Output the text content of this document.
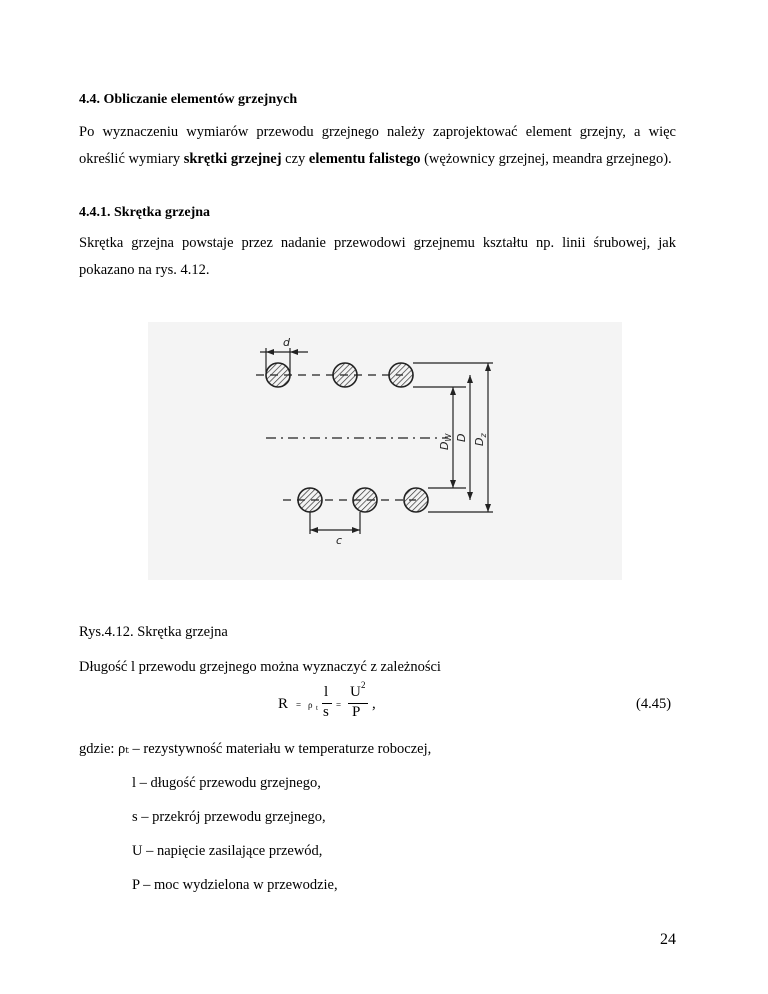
4.4. Obliczanie elementów grzejnych
Po wyznaczeniu wymiarów przewodu grzejnego należy zaprojektować element grzejny, a więc określić wymiary skrętki grzejnej czy elementu falistego (wężownicy grzejnej, meandra grzejnego).
4.4.1. Skrętka grzejna
Skrętka grzejna powstaje przez nadanie przewodowi grzejnemu kształtu np. linii śrubowej, jak pokazano na rys. 4.12.
d
c
$D_W$ D $D_z$
Rys.4.12. Skrętka grzejna
Długość l przewodu grzejnego można wyznaczyć z zależności
R = ρ t
l
s =
U 2
P ,	(4.45)
gdzie: ρₜ – rezystywność materiału w temperaturze roboczej,
l – długość przewodu grzejnego,
s – przekrój przewodu grzejnego,
U – napięcie zasilające przewód,
P – moc wydzielona w przewodzie,
24
